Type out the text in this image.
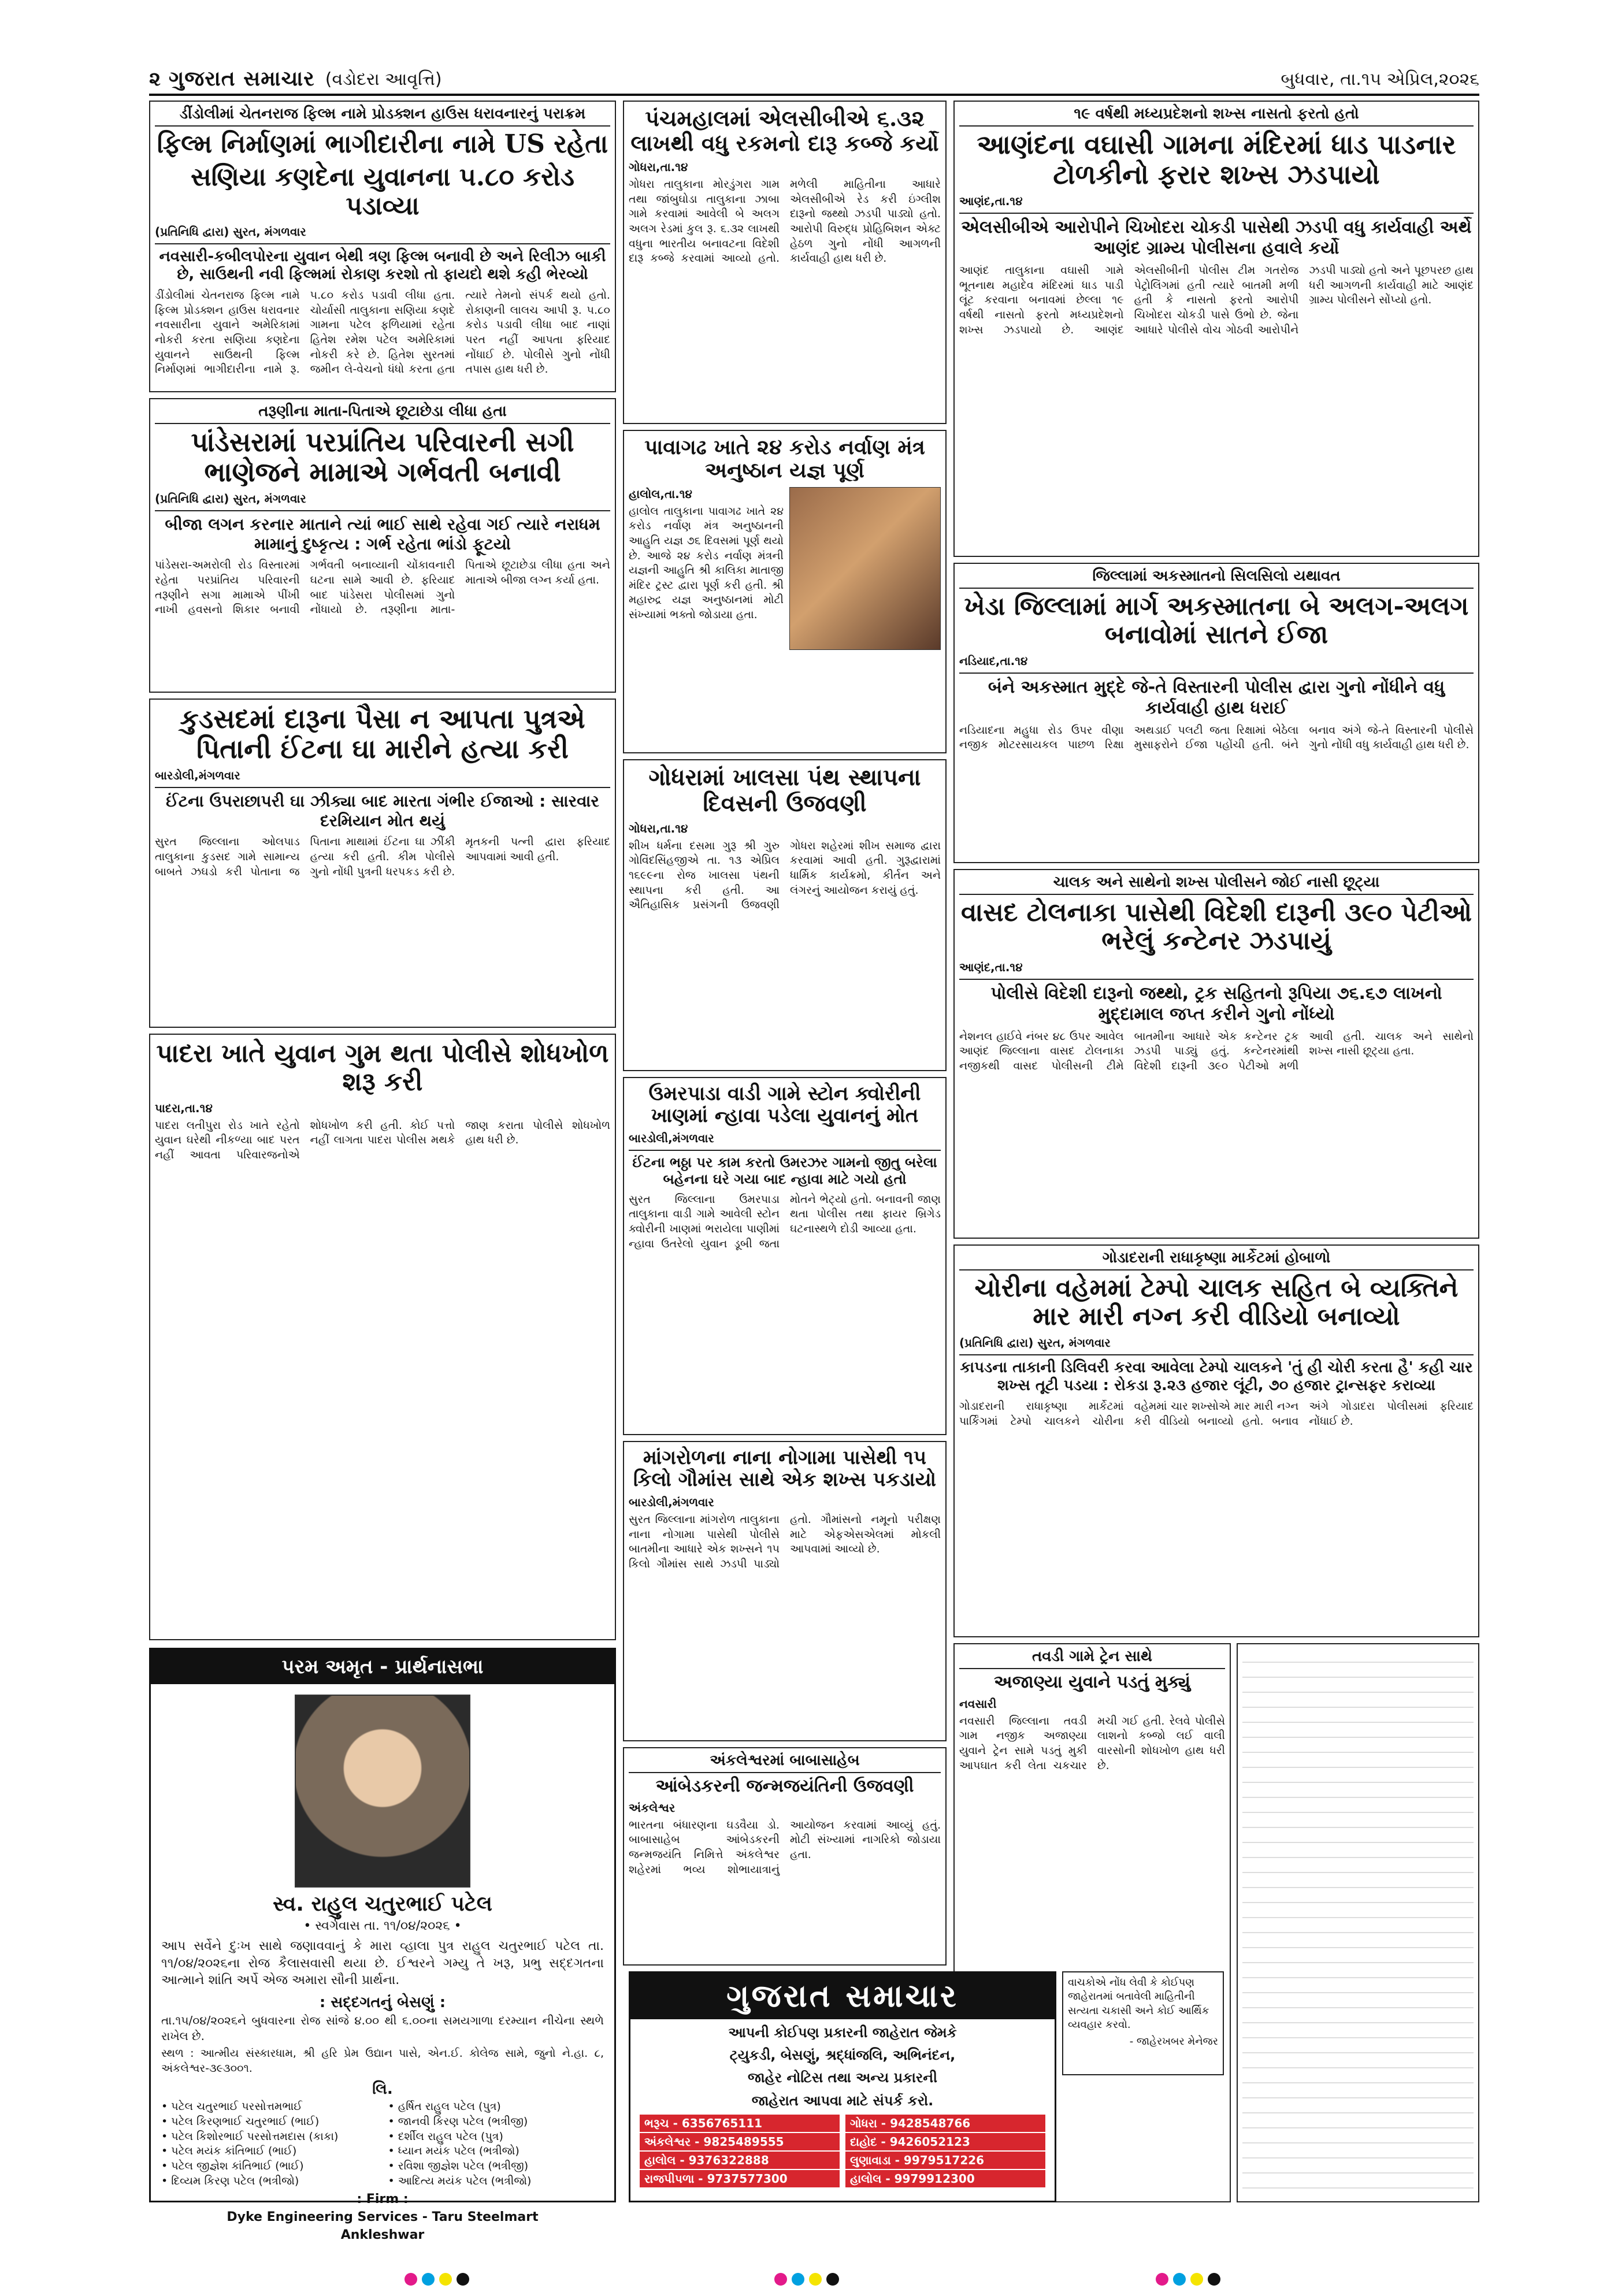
૨ ગુજરાત સમાચાર (વડોદરા આવૃત્તિ)	બુધવાર, તા.૧૫ એપ્રિલ,૨૦૨૬
ડીંડોલીમાં ચેતનરાજ ફિલ્મ નામે પ્રોડક્શન હાઉસ ધરાવનારનું પરાક્રમ
ફિલ્મ નિર્માણમાં ભાગીદારીના નામે US રહેતા
સણિયા કણદેના યુવાનના ૫.૮૦ કરોડ પડાવ્યા
(પ્રતિનિધિ દ્વારા) સુરત, મંગળવાર
નવસારી-કબીલપોરના યુવાન બેથી ત્રણ ફિલ્મ બનાવી છે અને રિલીઝ બાકી છે, સાઉથની નવી ફિલ્મમાં રોકાણ કરશો તો ફાયદો થશે કહી ભેરવ્યો
ડીંડોલીમાં ચેતનરાજ ફિલ્મ નામે ફિલ્મ પ્રોડક્શન હાઉસ ધરાવનાર નવસારીના યુવાને અમેરિકામાં નોકરી કરતા સણિયા કણદેના યુવાનને સાઉથની ફિલ્મ નિર્માણમાં ભાગીદારીના નામે રૂ. ૫.૮૦ કરોડ પડાવી લીધા હતા. ચોર્યાસી તાલુકાના સણિયા કણદે ગામના પટેલ ફળિયામાં રહેતા હિતેશ રમેશ પટેલ અમેરિકામાં નોકરી કરે છે. હિતેશ સુરતમાં જમીન લે-વેચનો ધંધો કરતા હતા ત્યારે તેમનો સંપર્ક થયો હતો. રોકાણની લાલચ આપી રૂ. ૫.૮૦ કરોડ પડાવી લીધા બાદ નાણાં પરત નહીં આપતા ફરિયાદ નોંધાઈ છે. પોલીસે ગુનો નોંધી તપાસ હાથ ધરી છે.
પંચમહાલમાં એલસીબીએ ૬.૩૨ લાખથી વધુ રકમનો દારૂ કબ્જે કર્યો
ગોધરા,તા.૧૪
ગોધરા તાલુકાના મોરડુંગરા ગામ તથા જાંબુઘોડા તાલુકાના ઝાબા ગામે કરવામાં આવેલી બે અલગ અલગ રેડમાં કુલ રૂ. ૬.૩૨ લાખથી વધુના ભારતીય બનાવટના વિદેશી દારૂ કબ્જે કરવામાં આવ્યો હતો. મળેલી માહિતીના આધારે એલસીબીએ રેડ કરી ઇંગ્લીશ દારૂનો જથ્થો ઝડપી પાડ્યો હતો. આરોપી વિરુદ્ધ પ્રોહિબિશન એક્ટ હેઠળ ગુનો નોંધી આગળની કાર્યવાહી હાથ ધરી છે.
૧૯ વર્ષથી મધ્યપ્રદેશનો શખ્સ નાસતો ફરતો હતો
આણંદના વઘાસી ગામના મંદિરમાં ધાડ પાડનાર ટોળકીનો ફરાર શખ્સ ઝડપાયો
આણંદ,તા.૧૪
એલસીબીએ આરોપીને ચિખોદરા ચોકડી પાસેથી ઝડપી વધુ કાર્યવાહી અર્થે આણંદ ગ્રામ્ય પોલીસના હવાલે કર્યો
આણંદ તાલુકાના વઘાસી ગામે ભૂતનાથ મહાદેવ મંદિરમાં ધાડ પાડી લૂંટ કરવાના બનાવમાં છેલ્લા ૧૯ વર્ષથી નાસતો ફરતો મધ્યપ્રદેશનો શખ્સ ઝડપાયો છે. આણંદ એલસીબીની પોલીસ ટીમ ગતરોજ પેટ્રોલિંગમાં હતી ત્યારે બાતમી મળી હતી કે નાસતો ફરતો આરોપી ચિખોદરા ચોકડી પાસે ઉભો છે. જેના આધારે પોલીસે વોચ ગોઠવી આરોપીને ઝડપી પાડ્યો હતો અને પૂછપરછ હાથ ધરી આગળની કાર્યવાહી માટે આણંદ ગ્રામ્ય પોલીસને સોંપ્યો હતો.
પાવાગઢ ખાતે ૨૪ કરોડ નર્વાણ મંત્ર અનુષ્ઠાન યજ્ઞ પૂર્ણ
હાલોલ,તા.૧૪
હાલોલ તાલુકાના પાવાગઢ ખાતે ૨૪ કરોડ નર્વાણ મંત્ર અનુષ્ઠાનની આહુતિ યજ્ઞ ૭૬ દિવસમાં પૂર્ણ થયો છે. આજે ૨૪ કરોડ નર્વાણ મંત્રની યજ્ઞની આહુતિ શ્રી કાલિકા માતાજી મંદિર ટ્રસ્ટ દ્વારા પૂર્ણ કરી હતી. શ્રી મહારુદ્ર યજ્ઞ અનુષ્ઠાનમાં મોટી સંખ્યામાં ભક્તો જોડાયા હતા.
તરૂણીના માતા-પિતાએ છૂટાછેડા લીધા હતા
પાંડેસરામાં પરપ્રાંતિય પરિવારની સગી ભાણેજને મામાએ ગર્ભવતી બનાવી
(પ્રતિનિધિ દ્વારા) સુરત, મંગળવાર
બીજા લગન કરનાર માતાને ત્યાં ભાઈ સાથે રહેવા ગઈ ત્યારે નરાધમ મામાનું દુષ્કૃત્ય : ગર્ભ રહેતા ભાંડો ફૂટયો
પાંડેસરા-અમરોલી રોડ વિસ્તારમાં રહેતા પરપ્રાંતિય પરિવારની તરૂણીને સગા મામાએ પીંખી નાખી હવસનો શિકાર બનાવી ગર્ભવતી બનાવ્યાની ચોંકાવનારી ઘટના સામે આવી છે. ફરિયાદ બાદ પાંડેસરા પોલીસમાં ગુનો નોંધાયો છે. તરૂણીના માતા-પિતાએ છૂટાછેડા લીધા હતા અને માતાએ બીજા લગ્ન કર્યા હતા.	જિલ્લામાં અકસ્માતનો સિલસિલો યથાવત
ખેડા જિલ્લામાં માર્ગ અકસ્માતના બે અલગ-અલગ બનાવોમાં સાતને ઈજા
નડિયાદ,તા.૧૪
બંને અકસ્માત મુદ્દે જે-તે વિસ્તારની પોલીસ દ્વારા ગુનો નોંધીને વધુ કાર્યવાહી હાથ ધરાઈ
નડિયાદના મહુધા રોડ ઉપર વીણા નજીક મોટરસાયકલ પાછળ રિક્ષા અથડાઈ પલટી જતા રિક્ષામાં બેઠેલા મુસાફરોને ઈજા પહોંચી હતી. બંને બનાવ અંગે જે-તે વિસ્તારની પોલીસે ગુનો નોંધી વધુ કાર્યવાહી હાથ ધરી છે.
કુડસદમાં દારૂના પૈસા ન આપતા પુત્રએ પિતાની ઈંટના ઘા મારીને હત્યા કરી
બારડોલી,મંગળવાર
ઈંટના ઉપરાછાપરી ઘા ઝીક્યા બાદ મારતા ગંભીર ઈજાઓ : સારવાર દરમિયાન મોત થયું
સુરત જિલ્લાના ઓલપાડ તાલુકાના કુડસદ ગામે સામાન્ય બાબતે ઝઘડો કરી પોતાના જ પિતાના માથામાં ઈંટના ઘા ઝીંકી હત્યા કરી હતી. કીમ પોલીસે ગુનો નોંધી પુત્રની ધરપકડ કરી છે. મૃતકની પત્ની દ્વારા ફરિયાદ આપવામાં આવી હતી.
ગોધરામાં ખાલસા પંથ સ્થાપના દિવસની ઉજવણી
ગોધરા,તા.૧૪
શીખ ધર્મના દસમા ગુરૂ શ્રી ગુરુ ગોવિંદસિંહજીએ તા. ૧૩ એપ્રિલ ૧૬૯૯ના રોજ ખાલસા પંથની સ્થાપના કરી હતી. આ ઐતિહાસિક પ્રસંગની ઉજવણી ગોધરા શહેરમાં શીખ સમાજ દ્વારા કરવામાં આવી હતી. ગુરૂદ્વારામાં ધાર્મિક કાર્યક્રમો, કીર્તન અને લંગરનું આયોજન કરાયું હતું.	ચાલક અને સાથેનો શખ્સ પોલીસને જોઈ નાસી છૂટ્યા
વાસદ ટોલનાકા પાસેથી વિદેશી દારૂની ૩૯૦ પેટીઓ ભરેલું કન્ટેનર ઝડપાયું
આણંદ,તા.૧૪
પોલીસે વિદેશી દારૂનો જથ્થો, ટ્રક સહિતનો રૂપિયા ૭૬.૬૭ લાખનો મુદ્દામાલ જપ્ત કરીને ગુનો નોંધ્યો
નેશનલ હાઈવે નંબર ૪૮ ઉપર આવેલ આણંદ જિલ્લાના વાસદ ટોલનાકા નજીકથી વાસદ પોલીસની ટીમે બાતમીના આધારે એક કન્ટેનર ટ્રક ઝડપી પાડ્યું હતું. કન્ટેનરમાંથી વિદેશી દારૂની ૩૯૦ પેટીઓ મળી આવી હતી. ચાલક અને સાથેનો શખ્સ નાસી છૂટ્યા હતા.
ઉમરપાડા વાડી ગામે સ્ટોન ક્વોરીની ખાણમાં ન્હાવા પડેલા યુવાનનું મોત
બારડોલી,મંગળવાર
ઈંટના ભઠ્ઠા પર કામ કરતો ઉમરઝર ગામનો જીતુ બરેલા બહેનના ઘરે ગયા બાદ ન્હાવા માટે ગયો હતો
સુરત જિલ્લાના ઉમરપાડા તાલુકાના વાડી ગામે આવેલી સ્ટોન ક્વોરીની ખાણમાં ભરાયેલા પાણીમાં ન્હાવા ઉતરેલો યુવાન ડૂબી જતા મોતને ભેટ્યો હતો. બનાવની જાણ થતા પોલીસ તથા ફાયર બ્રિગેડ ઘટનાસ્થળે દોડી આવ્યા હતા.
પાદરા ખાતે યુવાન ગુમ થતા પોલીસે શોધખોળ શરૂ કરી
પાદરા,તા.૧૪
પાદરા લતીપુરા રોડ ખાતે રહેતો યુવાન ઘરેથી નીકળ્યા બાદ પરત નહીં આવતા પરિવારજનોએ શોધખોળ કરી હતી. કોઈ પત્તો નહીં લાગતા પાદરા પોલીસ મથકે જાણ કરાતા પોલીસે શોધખોળ હાથ ધરી છે.
માંગરોળના નાના નોગામા પાસેથી ૧૫ કિલો ગૌમાંસ સાથે એક શખ્સ પકડાયો
બારડોલી,મંગળવાર
સુરત જિલ્લાના માંગરોળ તાલુકાના નાના નોગામા પાસેથી પોલીસે બાતમીના આધારે એક શખ્સને ૧૫ કિલો ગૌમાંસ સાથે ઝડપી પાડ્યો હતો. ગૌમાંસનો નમૂનો પરીક્ષણ માટે એફએસએલમાં મોકલી આપવામાં આવ્યો છે.
ગોડાદરાની રાધાકૃષ્ણા માર્કેટમાં હોબાળો
ચોરીના વહેમમાં ટેમ્પો ચાલક સહિત બે વ્યક્તિને માર મારી નગ્ન કરી વીડિયો બનાવ્યો
(પ્રતિનિધિ દ્વારા) સુરત, મંગળવાર
કાપડના તાકાની ડિલિવરી કરવા આવેલા ટેમ્પો ચાલકને 'તું હી ચોરી કરતા હૈ' કહી ચાર શખ્સ તૂટી પડયા : રોકડા રૂ.૨૩ હજાર લૂંટી, ૭૦ હજાર ટ્રાન્સફર કરાવ્યા
ગોડાદરાની રાધાકૃષ્ણા માર્કેટમાં પાર્કિંગમાં ટેમ્પો ચાલકને ચોરીના વહેમમાં ચાર શખ્સોએ માર મારી નગ્ન કરી વીડિયો બનાવ્યો હતો. બનાવ અંગે ગોડાદરા પોલીસમાં ફરિયાદ નોંધાઈ છે.
અંકલેશ્વરમાં બાબાસાહેબ
આંબેડકરની જન્મજયંતિની ઉજવણી
અંકલેશ્વર
ભારતના બંધારણના ઘડવૈયા ડો. બાબાસાહેબ આંબેડકરની જન્મજયંતિ નિમિત્તે અંકલેશ્વર શહેરમાં ભવ્ય શોભાયાત્રાનું આયોજન કરવામાં આવ્યું હતું. મોટી સંખ્યામાં નાગરિકો જોડાયા હતા.
તવડી ગામે ટ્રેન સાથે
અજાણ્યા યુવાને પડતું મુક્યું
નવસારી
નવસારી જિલ્લાના તવડી ગામ નજીક અજાણ્યા યુવાને ટ્રેન સામે પડતું મુકી આપઘાત કરી લેતા ચકચાર મચી ગઈ હતી. રેલવે પોલીસે લાશનો કબ્જો લઈ વાલી વારસોની શોધખોળ હાથ ધરી છે.
વાચકોએ નોંધ લેવી કે કોઈપણ જાહેરાતમાં બતાવેલી માહિતીની સત્યતા ચકાસી અને કોઈ આર્થિક વ્યવહાર કરવો.
- જાહેરખબર મેનેજર
પરમ અમૃત - પ્રાર્થનાસભા
સ્વ. રાહુલ ચતુરભાઈ પટેલ
• સ્વર્ગવાસ તા. ૧૧/૦૪/૨૦૨૬ •
આપ સર્વેને દુઃખ સાથે જણાવવાનું કે મારા વ્હાલા પુત્ર રાહુલ ચતુરભાઈ પટેલ તા. ૧૧/૦૪/૨૦૨૬ના રોજ કૈલાસવાસી થયા છે. ઈશ્વરને ગમ્યુ તે ખરૂ, પ્રભુ સદ્દગતના આત્માને શાંતિ અર્પે એજ અમારા સૌની પ્રાર્થના.
: સદ્દગતનું બેસણું :
તા.૧૫/૦૪/૨૦૨૬ને બુધવારના રોજ સાંજે ૪.૦૦ થી ૬.૦૦ના સમયગાળા દરમ્યાન નીચેના સ્થળે રાખેલ છે.
સ્થળ : આત્મીય સંસ્કારધામ, શ્રી હરિ પ્રેમ ઉદ્યાન પાસે, એન.ઈ. કોલેજ સામે, જુનો ને.હા. ૮, અંકલેશ્વર-૩૯૩૦૦૧.
લિ.
• પટેલ ચતુરભાઈ પરસોત્તમભાઈ
• પટેલ કિરણભાઈ ચતુરભાઈ (ભાઈ)
• પટેલ કિશોરભાઈ પરસોત્તમદાસ (કાકા)
• પટેલ મયંક કાંતિભાઈ (ભાઈ)
• પટેલ જીજ્ઞેશ કાંતિભાઈ (ભાઈ)
• દિવ્યમ કિરણ પટેલ (ભત્રીજો)
• હર્ષિત રાહુલ પટેલ (પુત્ર)
• જાનવી કિરણ પટેલ (ભત્રીજી)
• દર્શીલ રાહુલ પટેલ (પુત્ર)
• ધ્યાન મયંક પટેલ (ભત્રીજો)
• રવિશા જીજ્ઞેશ પટેલ (ભત્રીજી)
• આદિત્ય મયંક પટેલ (ભત્રીજો)
: Firm :
Dyke Engineering Services - Taru Steelmart
Ankleshwar
ગુજરાત સમાચાર
આપની કોઈપણ પ્રકારની જાહેરાત જેમકે
ટ્યુકડી, બેસણું, શ્રદ્ધાંજલિ, અભિનંદન,
જાહેર નોટિસ તથા અન્ય પ્રકારની
જાહેરાત આપવા માટે સંપર્ક કરો.
ભરૂચ - 6356765111	ગોધરા - 9428548766
અંકલેશ્વર - 9825489555	દાહોદ - 9426052123
હાલોલ - 9376322888	લુણાવાડા - 9979517226
રાજપીપળા - 9737577300	હાલોલ - 9979912300
